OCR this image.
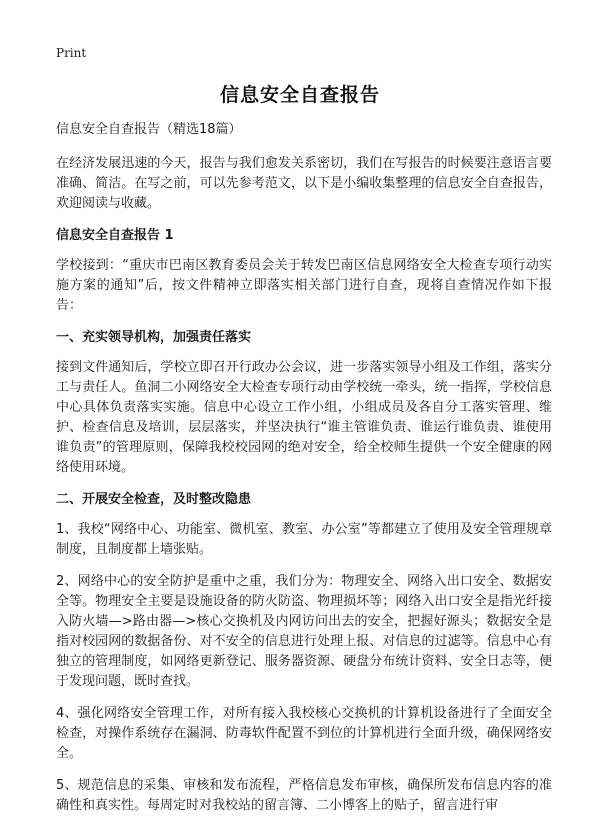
Print
信息安全自查报告

信息安全自查报告（精选18篇）

在经济发展迅速的今天，报告与我们愈发关系密切，我们在写报告的时候要注意语言要准确、简洁。在写之前，可以先参考范文，以下是小编收集整理的信息安全自查报告，欢迎阅读与收藏。

信息安全自查报告 1

学校接到：“重庆市巴南区教育委员会关于转发巴南区信息网络安全大检查专项行动实施方案的通知”后，按文件精神立即落实相关部门进行自查，现将自查情况作如下报告：

一、充实领导机构，加强责任落实

接到文件通知后，学校立即召开行政办公会议，进一步落实领导小组及工作组，落实分工与责任人。鱼洞二小网络安全大检查专项行动由学校统一牵头，统一指挥，学校信息中心具体负责落实实施。信息中心设立工作小组，小组成员及各自分工落实管理、维护、检查信息及培训，层层落实，并坚决执行“谁主管谁负责、谁运行谁负责、谁使用谁负责”的管理原则，保障我校校园网的绝对安全，给全校师生提供一个安全健康的网络使用环境。

二、开展安全检查，及时整改隐患

1、我校“网络中心、功能室、微机室、教室、办公室”等都建立了使用及安全管理规章制度，且制度都上墙张贴。

2、网络中心的安全防护是重中之重，我们分为：物理安全、网络入出口安全、数据安全等。物理安全主要是设施设备的防火防盗、物理损坏等；网络入出口安全是指光纤接入防火墙—>路由器—>核心交换机及内网访问出去的安全，把握好源头；数据安全是指对校园网的数据备份、对不安全的信息进行处理上报、对信息的过滤等。信息中心有独立的管理制度，如网络更新登记、服务器资源、硬盘分布统计资料、安全日志等，便于发现问题，既时查找。

4、强化网络安全管理工作，对所有接入我校核心交换机的计算机设备进行了全面安全检查，对操作系统存在漏洞、防毒软件配置不到位的计算机进行全面升级，确保网络安全。

5、规范信息的采集、审核和发布流程，严格信息发布审核，确保所发布信息内容的准确性和真实性。每周定时对我校站的留言簿、二小博客上的贴子，留言进行审
